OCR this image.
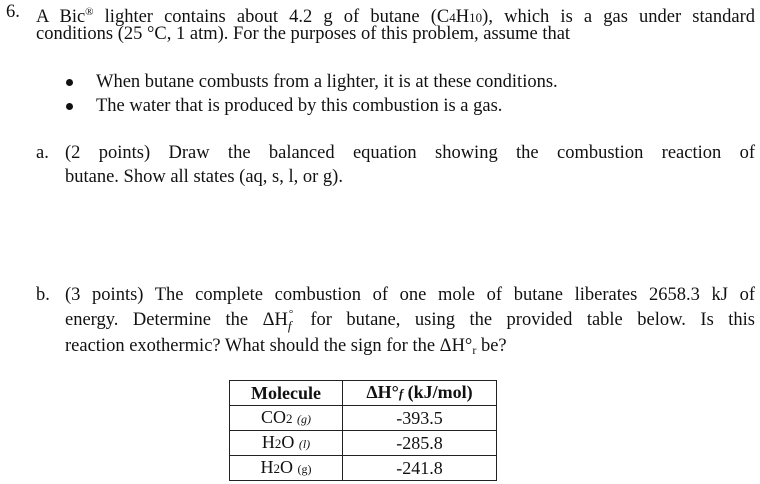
6. A Bic® lighter contains about 4.2 g of butane (C4H10), which is a gas under standard
conditions (25 °C, 1 atm). For the purposes of this problem, assume that
When butane combusts from a lighter, it is at these conditions.
The water that is produced by this combustion is a gas.
a. (2 points) Draw the balanced equation showing the combustion reaction of
butane. Show all states (aq, s, l, or g).
b. (3 points) The complete combustion of one mole of butane liberates 2658.3 kJ of
energy. Determine the ΔH °
$_f$ for butane, using the provided table below. Is this
reaction exothermic? What should the sign for the ΔH°r be?
Molecule	ΔH°f (kJ/mol)
CO2 (g)	-393.5
H2O (l)	-285.8
H2O (g)	-241.8
